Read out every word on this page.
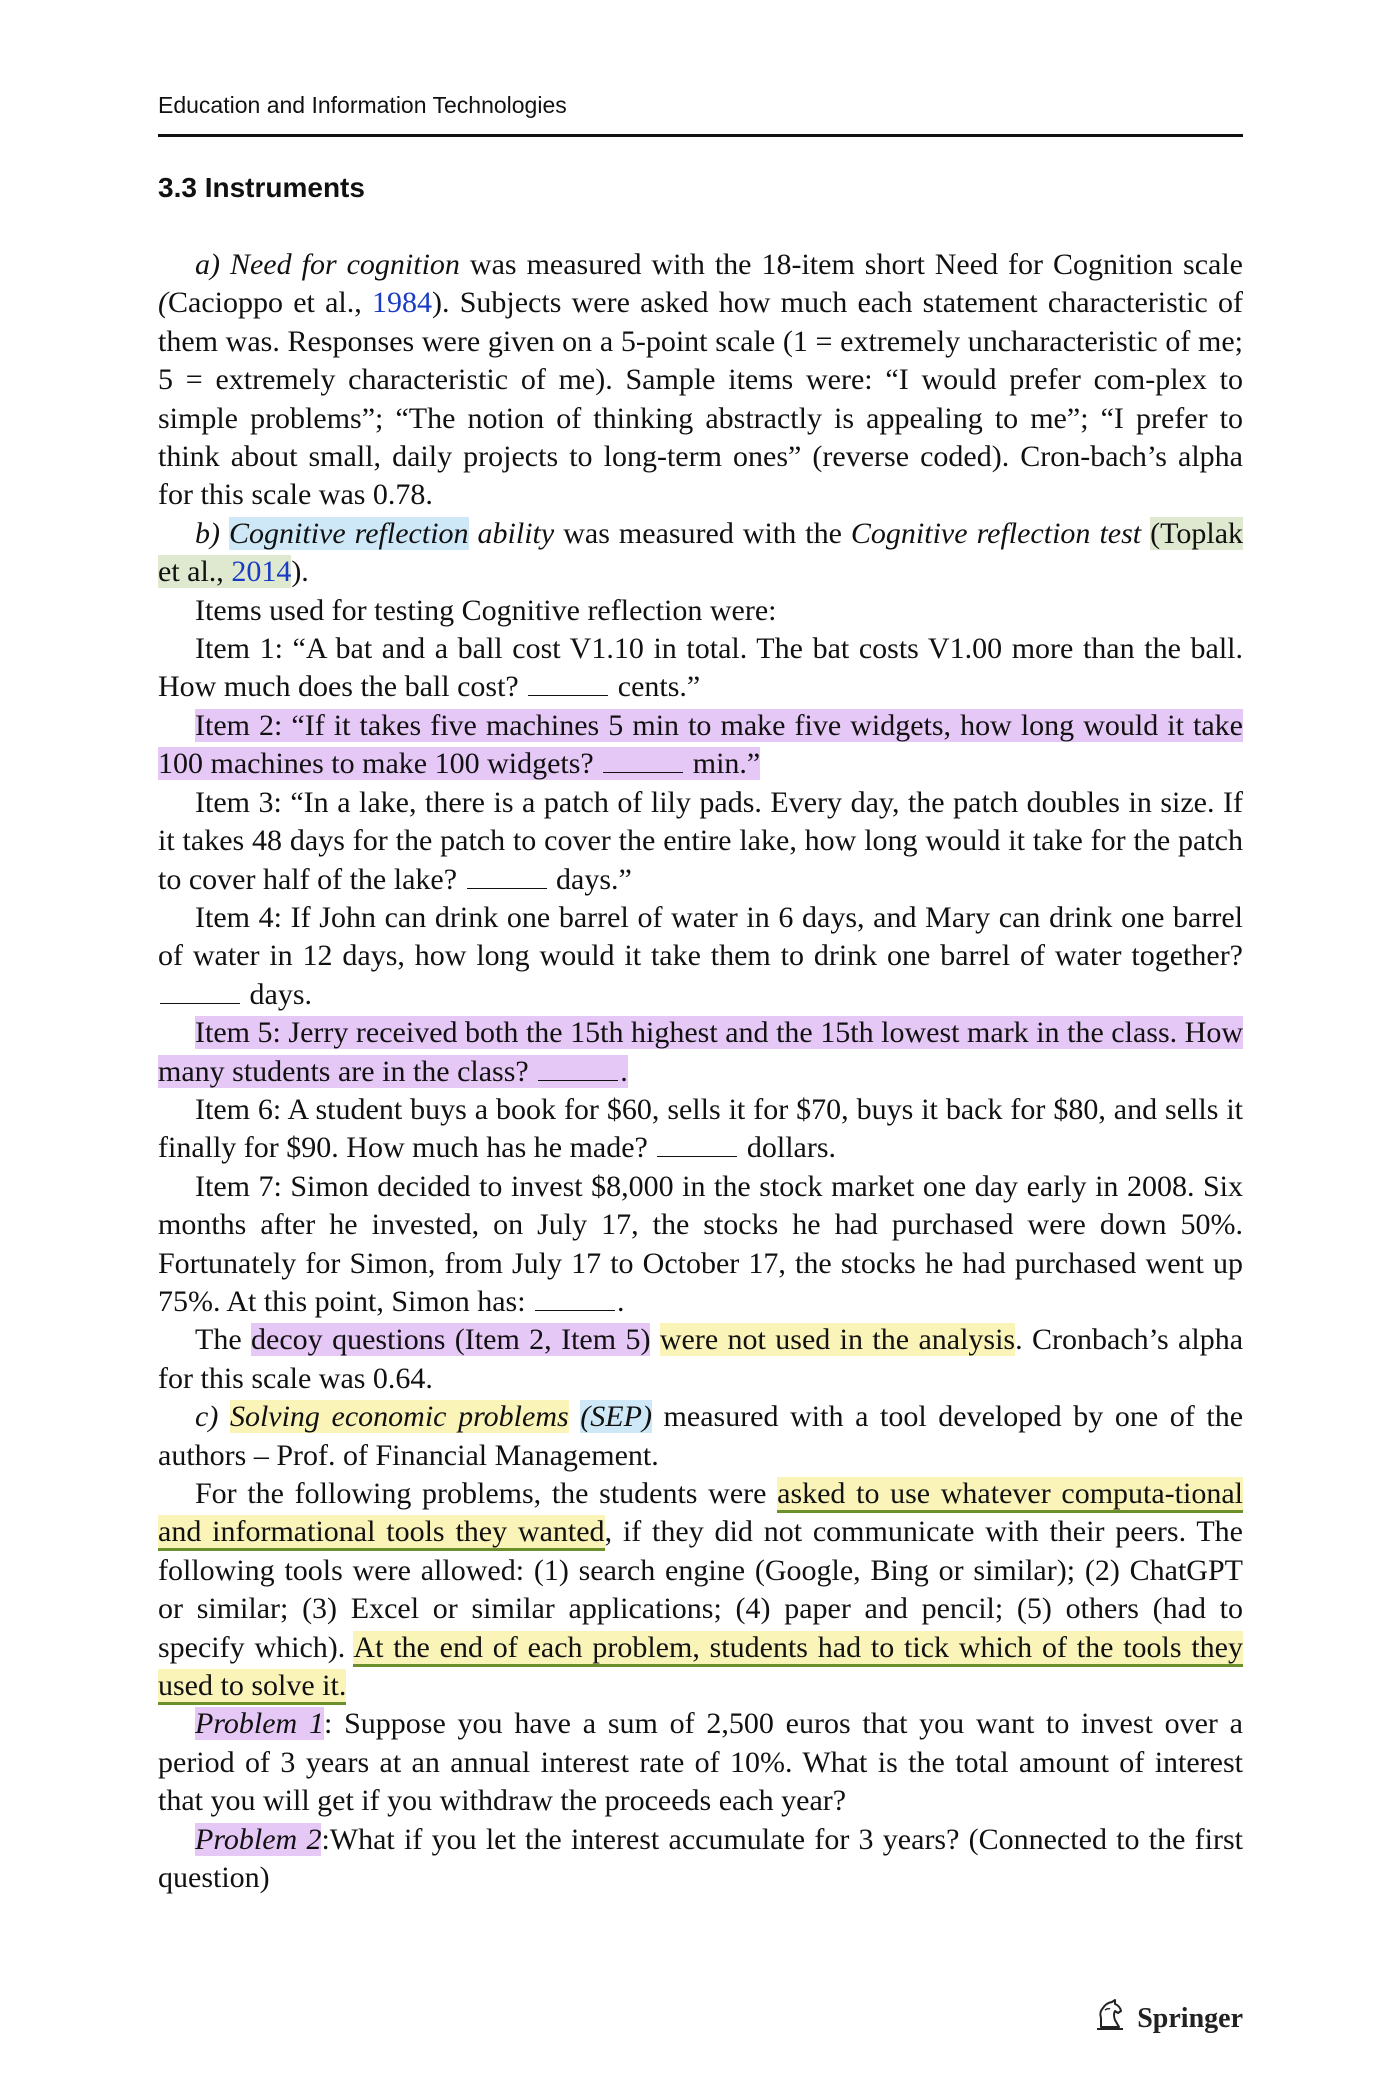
Education and Information Technologies
3.3 Instruments

a) Need for cognition was measured with the 18-item short Need for Cognition scale (Cacioppo et al., 1984). Subjects were asked how much each statement characteristic of them was. Responses were given on a 5-point scale (1 = extremely uncharacteristic of me; 5 = extremely characteristic of me). Sample items were: “I would prefer com-plex to simple problems”; “The notion of thinking abstractly is appealing to me”; “I prefer to think about small, daily projects to long-term ones” (reverse coded). Cron-bach’s alpha for this scale was 0.78.

b) Cognitive reflection ability was measured with the Cognitive reflection test (Toplak et al., 2014).

Items used for testing Cognitive reflection were:

Item 1: “A bat and a ball cost V1.10 in total. The bat costs V1.00 more than the ball. How much does the ball cost?	cents.”

Item 2: “If it takes five machines 5 min to make five widgets, how long would it take 100 machines to make 100 widgets?	min.”

Item 3: “In a lake, there is a patch of lily pads. Every day, the patch doubles in size. If it takes 48 days for the patch to cover the entire lake, how long would it take for the patch to cover half of the lake?	days.”

Item 4: If John can drink one barrel of water in 6 days, and Mary can drink one barrel of water in 12 days, how long would it take them to drink one barrel of water together?  days.

Item 5: Jerry received both the 15th highest and the 15th lowest mark in the class. How many students are in the class?	.

Item 6: A student buys a book for $60, sells it for $70, buys it back for $80, and sells it finally for $90. How much has he made?	dollars.

Item 7: Simon decided to invest $8,000 in the stock market one day early in 2008. Six months after he invested, on July 17, the stocks he had purchased were down 50%. Fortunately for Simon, from July 17 to October 17, the stocks he had purchased went up 75%. At this point, Simon has:	.

The decoy questions (Item 2, Item 5) were not used in the analysis. Cronbach’s alpha for this scale was 0.64.

c) Solving economic problems (SEP) measured with a tool developed by one of the authors – Prof. of Financial Management.

For the following problems, the students were asked to use whatever computa-tional and informational tools they wanted, if they did not communicate with their peers. The following tools were allowed: (1) search engine (Google, Bing or similar); (2) ChatGPT or similar; (3) Excel or similar applications; (4) paper and pencil; (5) others (had to specify which). At the end of each problem, students had to tick which of the tools they used to solve it.

Problem 1: Suppose you have a sum of 2,500 euros that you want to invest over a period of 3 years at an annual interest rate of 10%. What is the total amount of interest that you will get if you withdraw the proceeds each year?

Problem 2:What if you let the interest accumulate for 3 years? (Connected to the first question)

Springer
